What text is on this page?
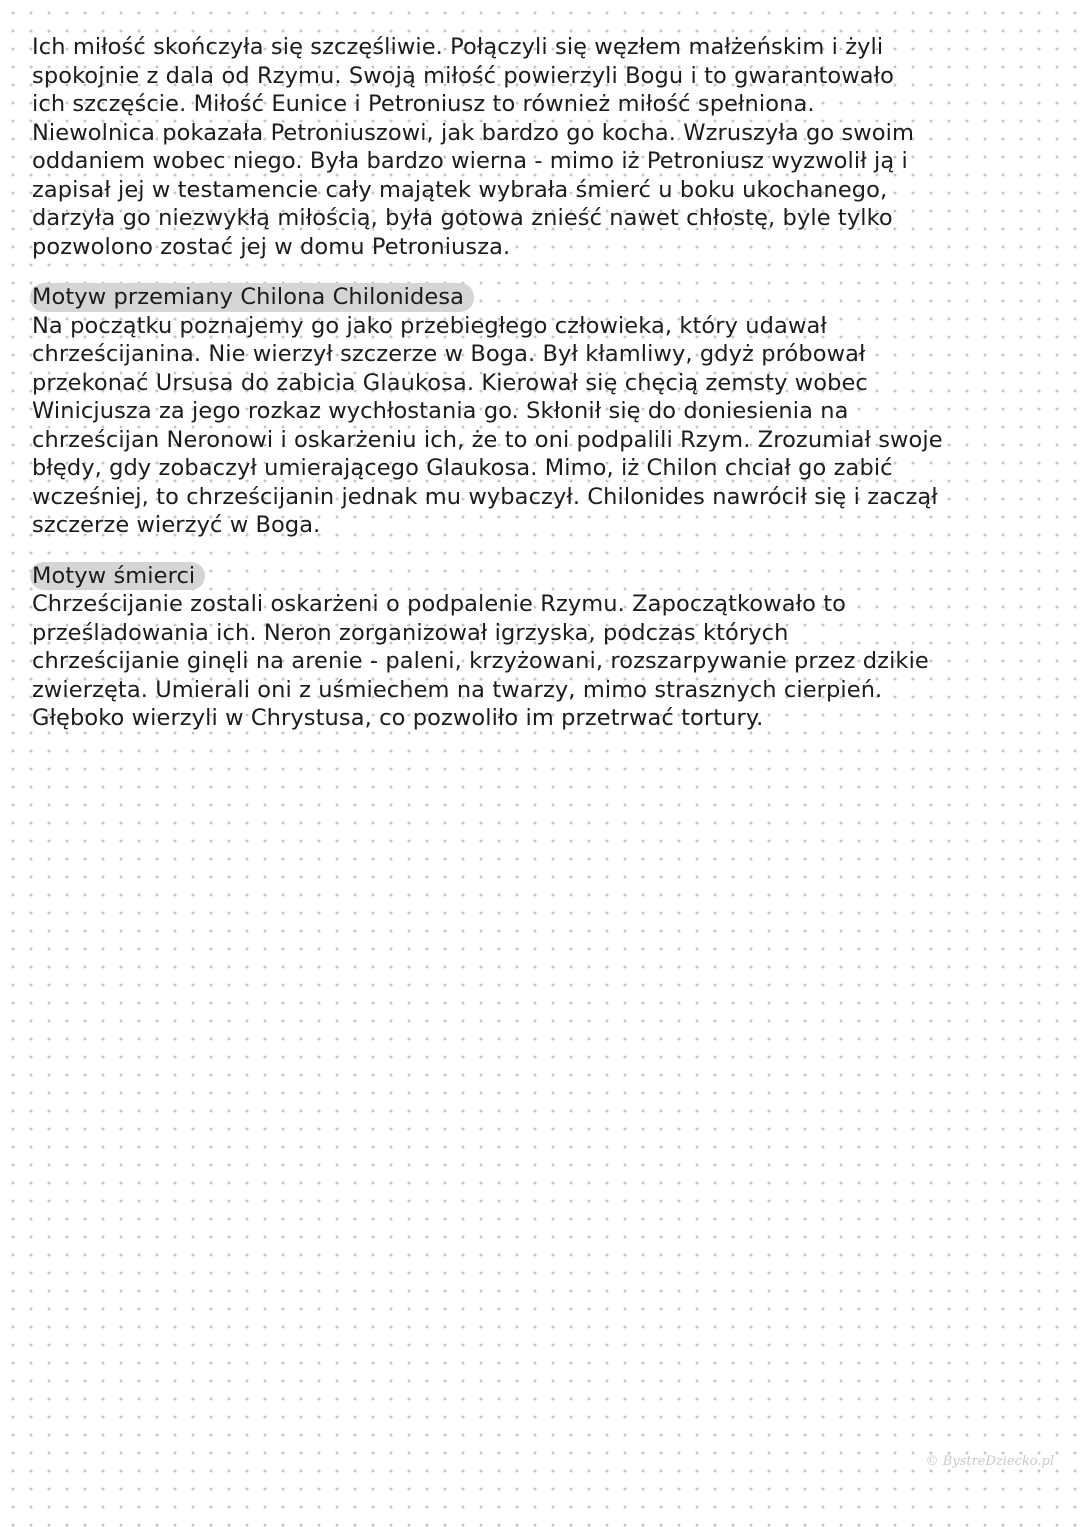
Ich miłość skończyła się szczęśliwie. Połączyli się węzłem małżeńskim i żyli
spokojnie z dala od Rzymu. Swoją miłość powierzyli Bogu i to gwarantowało
ich szczęście. Miłość Eunice i Petroniusz to również miłość spełniona.
Niewolnica pokazała Petroniuszowi, jak bardzo go kocha. Wzruszyła go swoim
oddaniem wobec niego. Była bardzo wierna - mimo iż Petroniusz wyzwolił ją i
zapisał jej w testamencie cały majątek wybrała śmierć u boku ukochanego,
darzyła go niezwykłą miłością, była gotowa znieść nawet chłostę, byle tylko
pozwolono zostać jej w domu Petroniusza.
Motyw przemiany Chilona Chilonidesa
Na początku poznajemy go jako przebiegłego człowieka, który udawał
chrześcijanina. Nie wierzył szczerze w Boga. Był kłamliwy, gdyż próbował
przekonać Ursusa do zabicia Glaukosa. Kierował się chęcią zemsty wobec
Winicjusza za jego rozkaz wychłostania go. Skłonił się do doniesienia na
chrześcijan Neronowi i oskarżeniu ich, że to oni podpalili Rzym. Zrozumiał swoje
błędy, gdy zobaczył umierającego Glaukosa. Mimo, iż Chilon chciał go zabić
wcześniej, to chrześcijanin jednak mu wybaczył. Chilonides nawrócił się i zaczął
szczerze wierzyć w Boga.
Motyw śmierci
Chrześcijanie zostali oskarżeni o podpalenie Rzymu. Zapoczątkowało to
prześladowania ich. Neron zorganizował igrzyska, podczas których
chrześcijanie ginęli na arenie - paleni, krzyżowani, rozszarpywanie przez dzikie
zwierzęta. Umierali oni z uśmiechem na twarzy, mimo strasznych cierpień.
Głęboko wierzyli w Chrystusa, co pozwoliło im przetrwać tortury.
© BystreDziecko.pl
